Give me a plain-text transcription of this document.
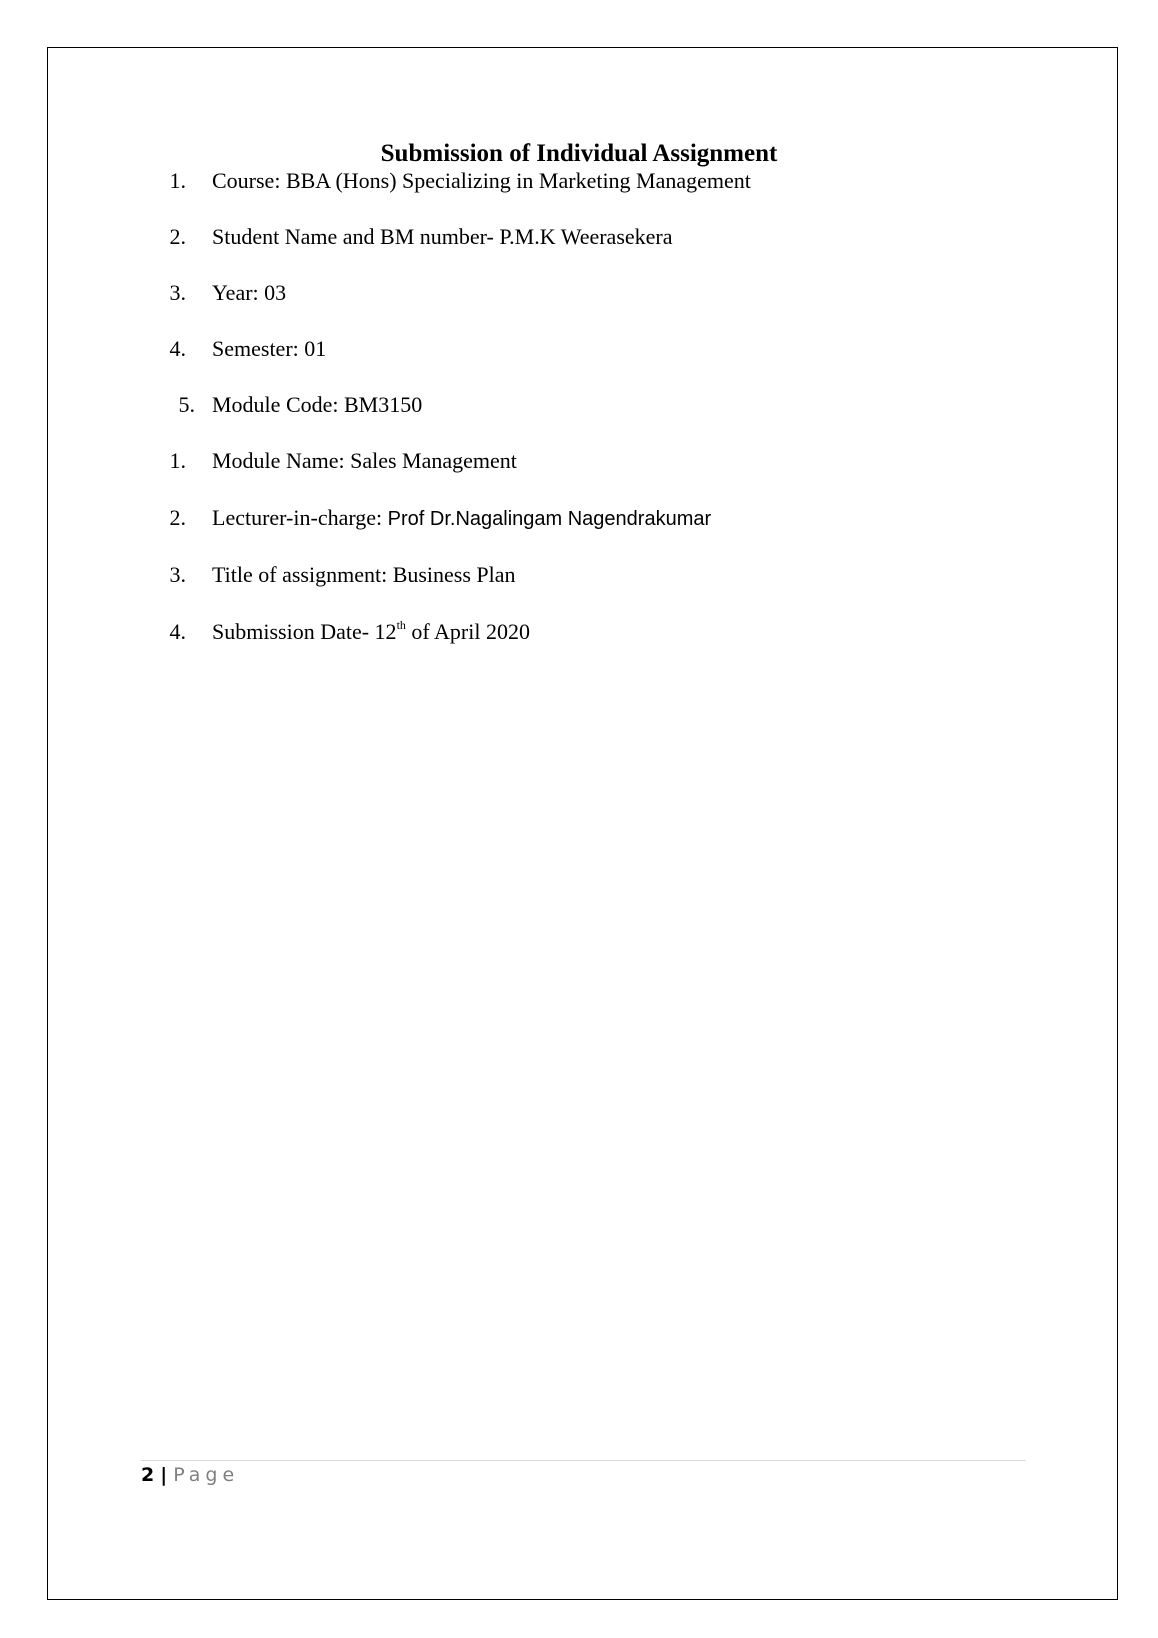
Submission of Individual Assignment
1. Course: BBA (Hons) Specializing in Marketing Management
2. Student Name and BM number- P.M.K Weerasekera
3. Year: 03
4. Semester: 01
5. Module Code: BM3150
1. Module Name: Sales Management
2. Lecturer-in-charge: Prof Dr.Nagalingam Nagendrakumar
3. Title of assignment: Business Plan
4. Submission Date- 12th of April 2020
2 | Page
